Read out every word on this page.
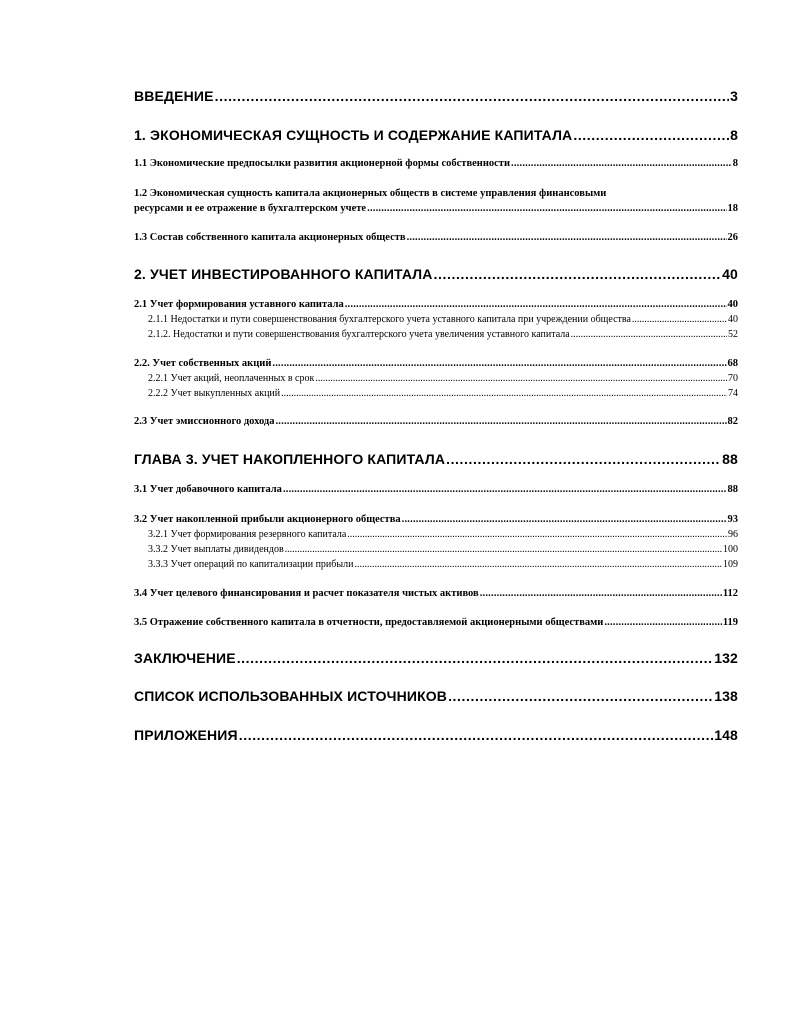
ВВЕДЕНИЕ .....	3
1. ЭКОНОМИЧЕСКАЯ СУЩНОСТЬ И СОДЕРЖАНИЕ КАПИТАЛА .....	8
1.1 Экономические предпосылки развития акционерной формы собственности .....	8
1.2 Экономическая сущность капитала акционерных обществ в системе управления финансовыми
ресурсами и ее отражение в бухгалтерском учете .....	18
1.3 Состав собственного капитала акционерных обществ .....	26
2. УЧЕТ ИНВЕСТИРОВАННОГО КАПИТАЛА .....	40
2.1 Учет формирования уставного капитала .....	40
2.1.1 Недостатки и пути совершенствования бухгалтерского учета уставного капитала при учреждении общества .....	40
2.1.2. Недостатки и пути совершенствования бухгалтерского учета увеличения уставного капитала .....	52
2.2. Учет собственных акций .....	68
2.2.1 Учет акций, неоплаченных в срок .....	70
2.2.2 Учет выкупленных акций .....	74
2.3 Учет эмиссионного дохода .....	82
ГЛАВА 3. УЧЕТ НАКОПЛЕННОГО КАПИТАЛА .....	88
3.1 Учет добавочного капитала .....	88
3.2 Учет накопленной прибыли акционерного общества .....	93
3.2.1 Учет формирования резервного капитала .....	96
3.3.2 Учет выплаты дивидендов .....	100
3.3.3 Учет операций по капитализации прибыли .....	109
3.4 Учет целевого финансирования и расчет показателя чистых активов .....	112
3.5 Отражение собственного капитала в отчетности, предоставляемой акционерными обществами .....	119
ЗАКЛЮЧЕНИЕ .....	132
СПИСОК ИСПОЛЬЗОВАННЫХ ИСТОЧНИКОВ .....	138
ПРИЛОЖЕНИЯ .....	148
